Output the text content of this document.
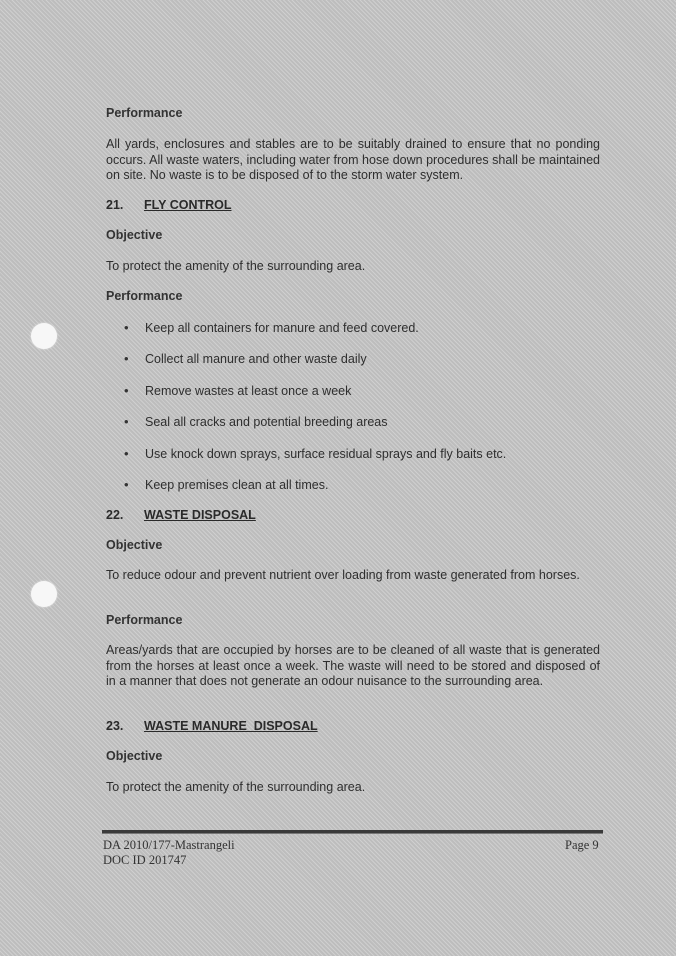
Performance
All yards, enclosures and stables are to be suitably drained to ensure that no ponding occurs. All waste waters, including water from hose down procedures shall be maintained on site. No waste is to be disposed of to the storm water system.
21. FLY CONTROL
Objective
To protect the amenity of the surrounding area.
Performance
• Keep all containers for manure and feed covered.
• Collect all manure and other waste daily
• Remove wastes at least once a week
• Seal all cracks and potential breeding areas
• Use knock down sprays, surface residual sprays and fly baits etc.
• Keep premises clean at all times.
22. WASTE DISPOSAL
Objective
To reduce odour and prevent nutrient over loading from waste generated from horses.
Performance
Areas/yards that are occupied by horses are to be cleaned of all waste that is generated from the horses at least once a week. The waste will need to be stored and disposed of in a manner that does not generate an odour nuisance to the surrounding area.
23. WASTE MANURE  DISPOSAL
Objective
To protect the amenity of the surrounding area.
DA 2010/177-Mastrangeli
DOC ID 201747
Page 9
